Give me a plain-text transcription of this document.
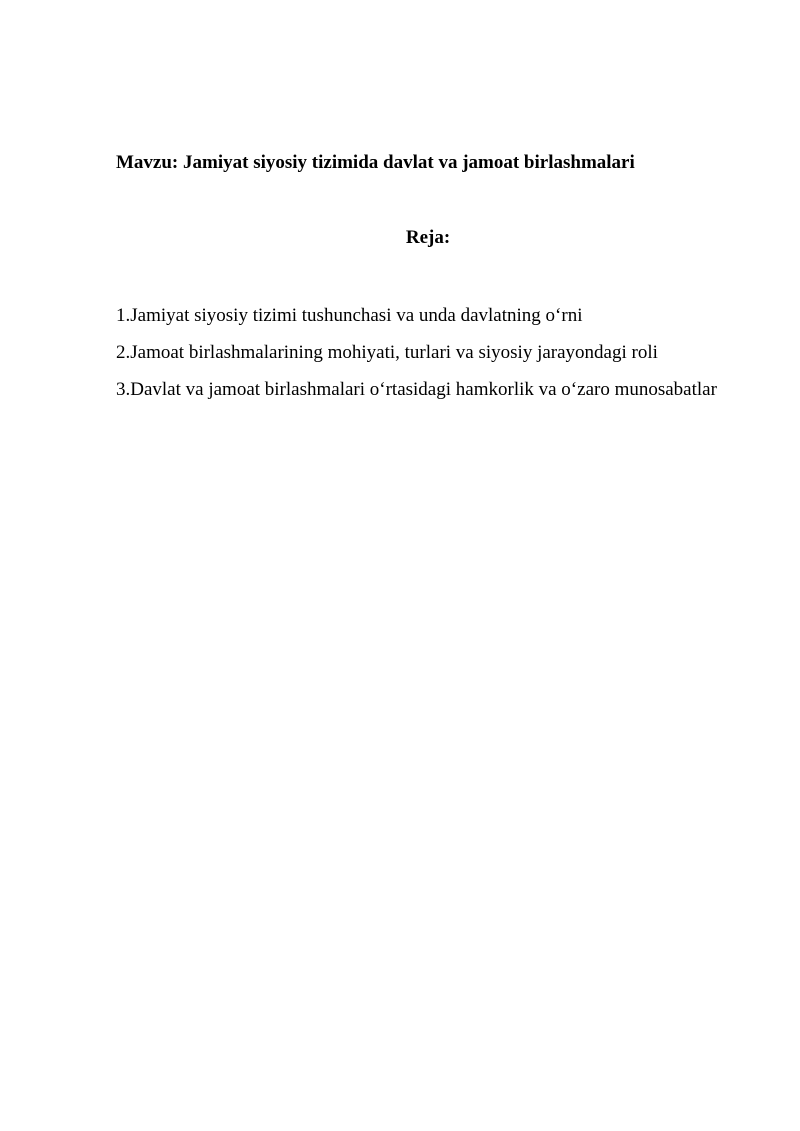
Mavzu: Jamiyat siyosiy tizimida davlat va jamoat birlashmalari
Reja:
1.Jamiyat siyosiy tizimi tushunchasi va unda davlatning o‘rni
2.Jamoat birlashmalarining mohiyati, turlari va siyosiy jarayondagi roli
3.Davlat va jamoat birlashmalari o‘rtasidagi hamkorlik va o‘zaro munosabatlar
